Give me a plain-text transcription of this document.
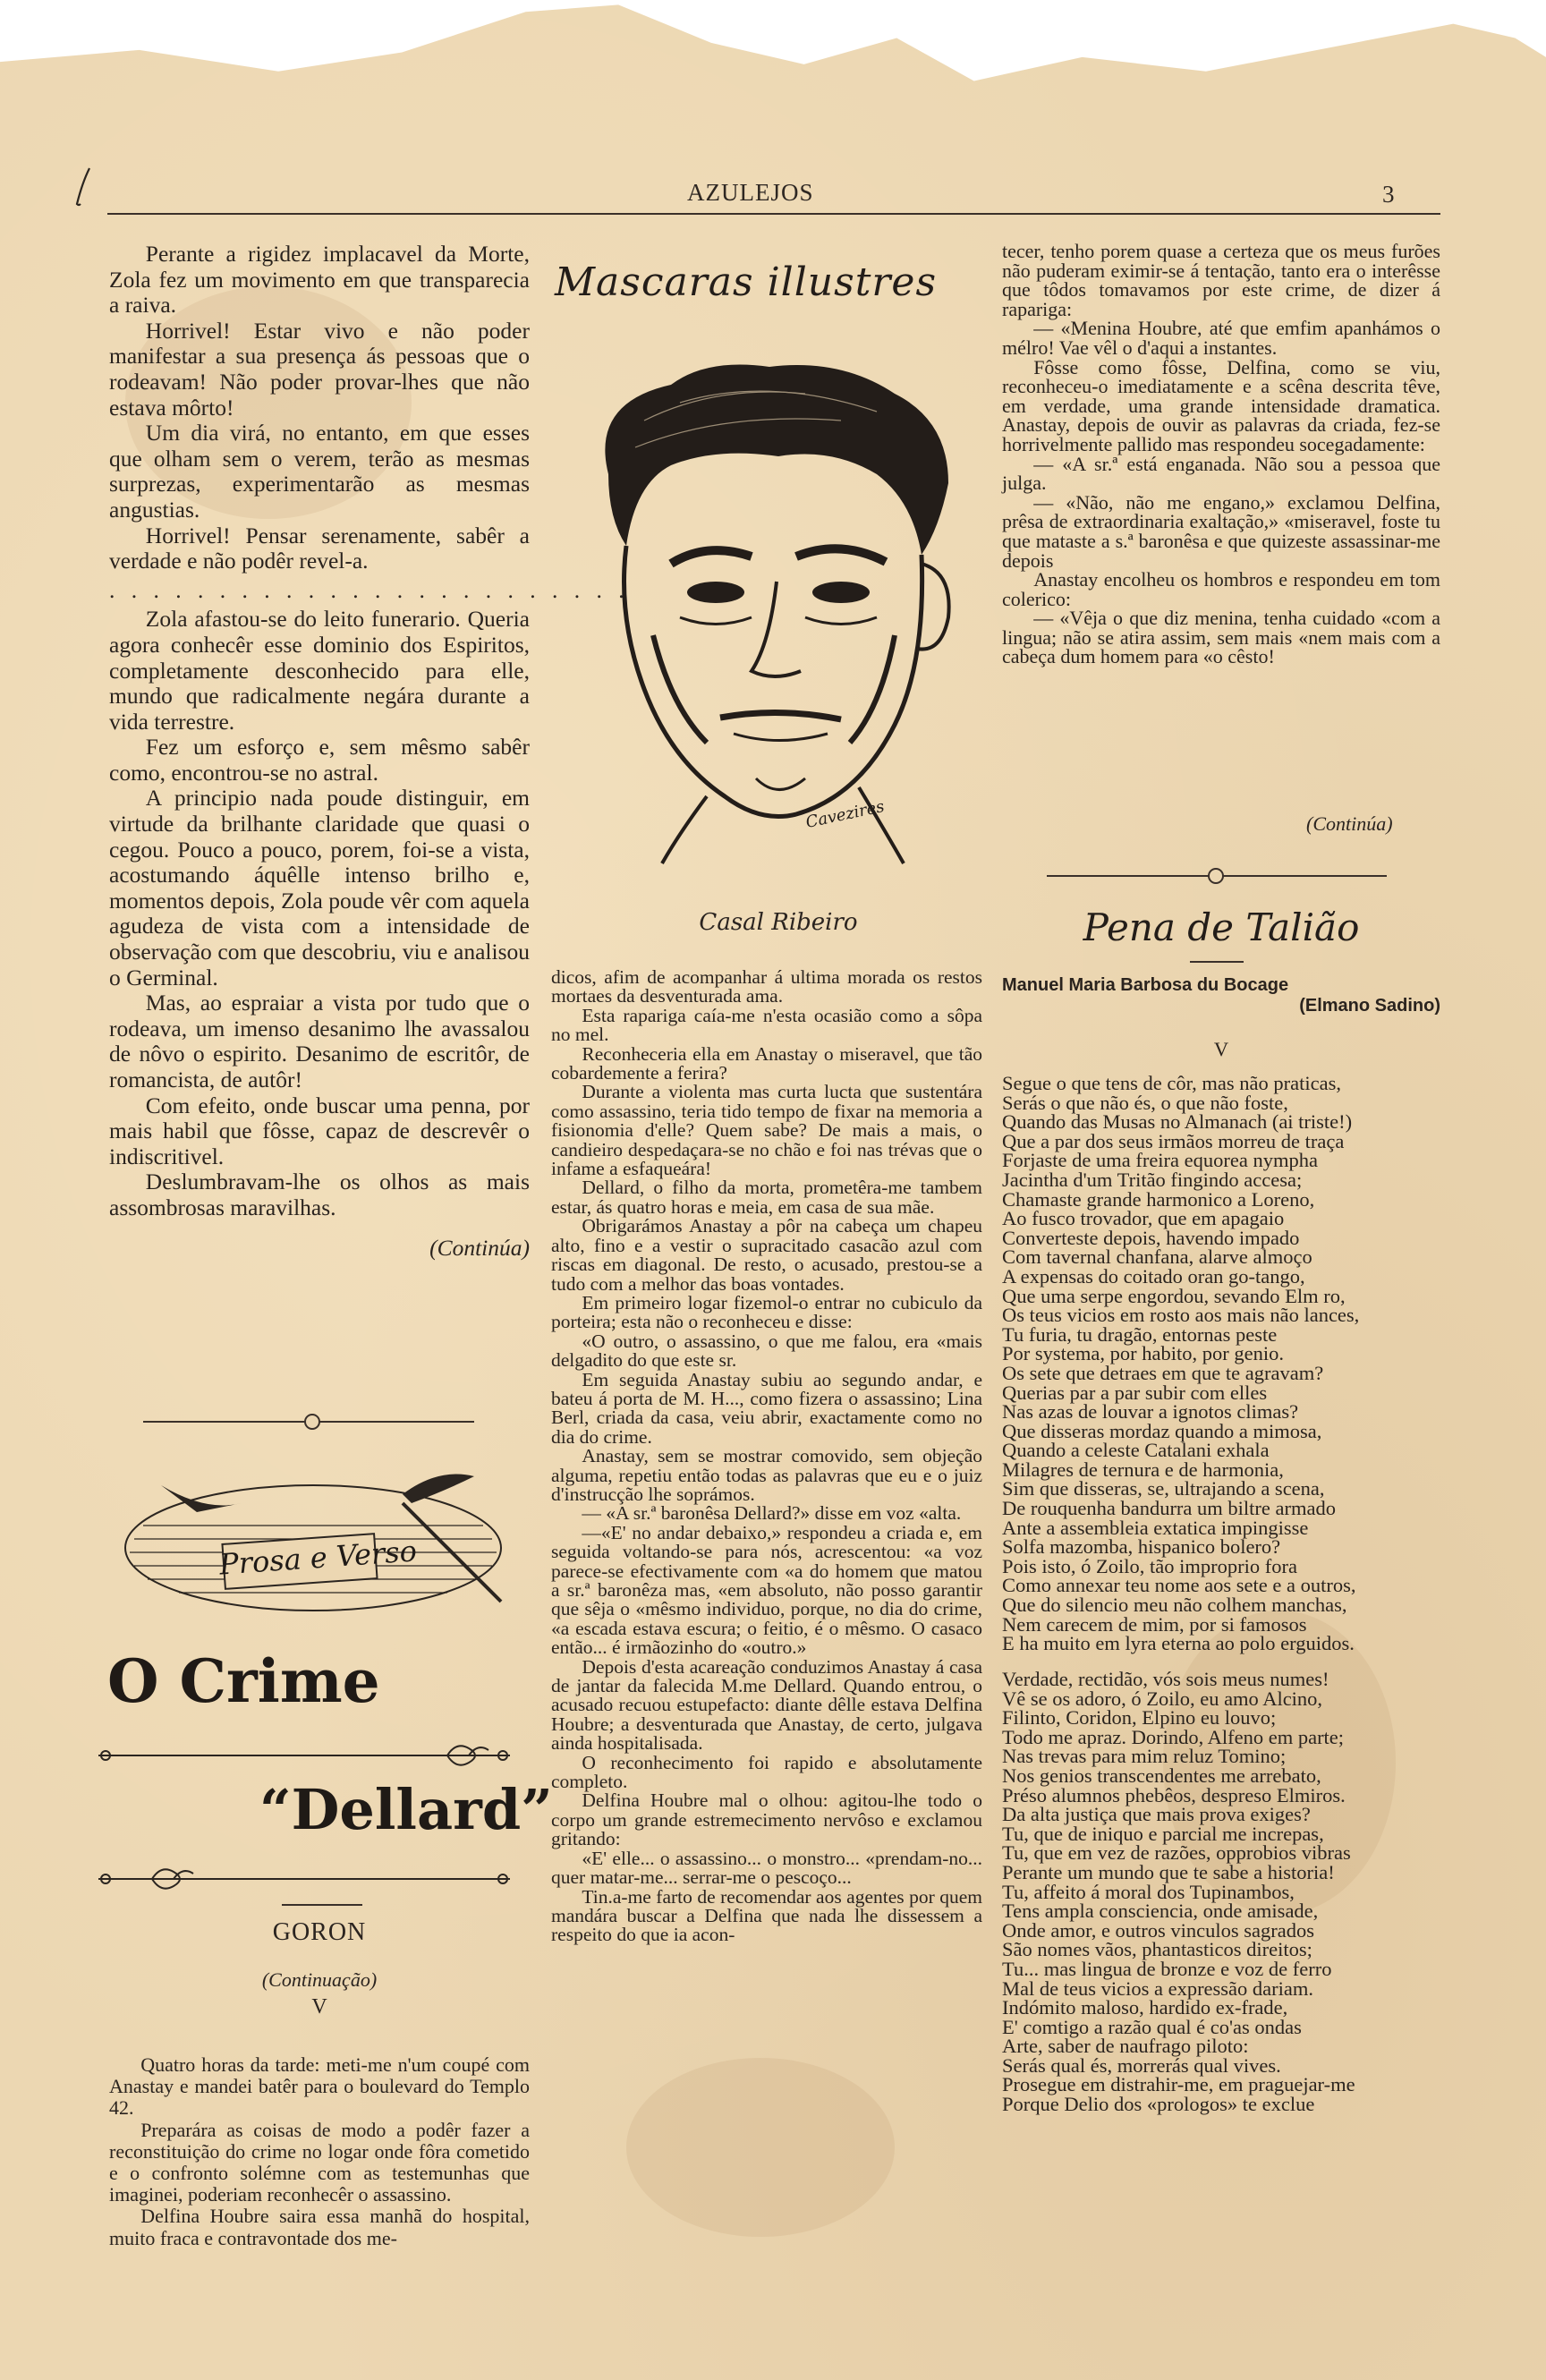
AZULEJOS	3

Perante a rigidez implacavel da Morte, Zola fez um movimento em que transparecia a raiva.

Horrivel! Estar vivo e não poder manifestar a sua presença ás pessoas que o rodeavam! Não poder provar-lhes que não estava môrto!

Um dia virá, no entanto, em que esses que olham sem o verem, terão as mesmas surprezas, experimentarão as mesmas angustias.

Horrivel! Pensar serenamente, sabêr a verdade e não podêr revel-a.

. . . . . . . . . . . . . . . . . . . . . . . .

Zola afastou-se do leito funerario. Queria agora conhecêr esse dominio dos Espiritos, completamente desconhecido para elle, mundo que radicalmente negára durante a vida terrestre.

Fez um esforço e, sem mêsmo sabêr como, encontrou-se no astral.

A principio nada poude distinguir, em virtude da brilhante claridade que quasi o cegou. Pouco a pouco, porem, foi-se a vista, acostumando áquêlle intenso brilho e, momentos depois, Zola poude vêr com aquela agudeza de vista com a intensidade de observação com que descobriu, viu e analisou o Germinal.

Mas, ao espraiar a vista por tudo que o rodeava, um imenso desanimo lhe avassalou de nôvo o espirito. Desanimo de escritôr, de romancista, de autôr!

Com efeito, onde buscar uma penna, por mais habil que fôsse, capaz de descrevêr o indiscritivel.

Deslumbravam-lhe os olhos as mais assombrosas maravilhas.

(Continúa)
Prosa e Verso
O Crime
“Dellard”
GORON
(Continuação)
V

Quatro horas da tarde: meti-me n'um coupé com Anastay e mandei batêr para o boulevard do Templo 42.

Preparára as coisas de modo a podêr fazer a reconstituição do crime no logar onde fôra cometido e o confronto solémne com as testemunhas que imaginei, poderiam reconhecêr o assassino.

Delfina Houbre saira essa manhã do hospital, muito fraca e contravontade dos me-

Mascaras illustres
Cavezires
Casal Ribeiro

dicos, afim de acompanhar á ultima morada os restos mortaes da desventurada ama.

Esta rapariga caía-me n'esta ocasião como a sôpa no mel.

Reconheceria ella em Anastay o miseravel, que tão cobardemente a ferira?

Durante a violenta mas curta lucta que sustentára como assassino, teria tido tempo de fixar na memoria a fisionomia d'elle? Quem sabe? De mais a mais, o candieiro despedaçara-se no chão e foi nas trévas que o infame a esfaqueára!

Dellard, o filho da morta, prometêra-me tambem estar, ás quatro horas e meia, em casa de sua mãe.

Obrigarámos Anastay a pôr na cabeça um chapeu alto, fino e a vestir o supracitado casacão azul com riscas em diagonal. De resto, o acusado, prestou-se a tudo com a melhor das boas vontades.

Em primeiro logar fizemol-o entrar no cubiculo da porteira; esta não o reconheceu e disse:

«O outro, o assassino, o que me falou, era «mais delgadito do que este sr.

Em seguida Anastay subiu ao segundo andar, e bateu á porta de M. H..., como fizera o assassino; Lina Berl, criada da casa, veiu abrir, exactamente como no dia do crime.

Anastay, sem se mostrar comovido, sem objeção alguma, repetiu então todas as palavras que eu e o juiz d'instrucção lhe soprámos.

— «A sr.ª baronêsa Dellard?» disse em voz «alta.

—«E' no andar debaixo,» respondeu a criada e, em seguida voltando-se para nós, acrescentou: «a voz parece-se efectivamente com «a do homem que matou a sr.ª baronêza mas, «em absoluto, não posso garantir que sêja o «mêsmo individuo, porque, no dia do crime, «a escada estava escura; o feitio, é o mêsmo. O casaco então... é irmãozinho do «outro.»

Depois d'esta acareação conduzimos Anastay á casa de jantar da falecida M.me Dellard. Quando entrou, o acusado recuou estupefacto: diante dêlle estava Delfina Houbre; a desventurada que Anastay, de certo, julgava ainda hospitalisada.

O reconhecimento foi rapido e absolutamente completo.

Delfina Houbre mal o olhou: agitou-lhe todo o corpo um grande estremecimento nervôso e exclamou gritando:

«E' elle... o assassino... o monstro... «prendam-no... quer matar-me... serrar-me o pescoço...

Tin.a-me farto de recomendar aos agentes por quem mandára buscar a Delfina que nada lhe dissessem a respeito do que ia acon-

tecer, tenho porem quase a certeza que os meus furões não puderam eximir-se á tentação, tanto era o interêsse que tôdos tomavamos por este crime, de dizer á raparigа:

— «Menina Houbre, até que emfim apanhámos o mélro! Vae vêl o d'aqui a instantes.

Fôsse como fôsse, Delfina, como se viu, reconheceu-o imediatamente e a scêna descrita têve, em verdade, uma grande intensidade dramatica. Anastay, depois de ouvir as palavras da criada, fez-se horrivelmente pallido mas respondeu socegadamente:

— «A sr.ª está enganada. Não sou a pessoa que julga.

— «Não, não me engano,» exclamou Delfina, prêsa de extraordinaria exaltação,» «miseravel, foste tu que mataste a s.ª baronêsa e que quizeste assassinar-me depois

Anastay encolheu os hombros e respondeu em tom colerico:

— «Vêja o que diz menina, tenha cuidado «com a lingua; não se atira assim, sem mais «nem mais com a cabeça dum homem para «o cêsto!

(Continúa)
Pena de Talião
Manuel Maria Barbosa du Bocage
(Elmano Sadino)
V
Segue o que tens de côr, mas não praticas,
Serás o que não és, o que não foste,
Quando das Musas no Almanach (ai triste!)
Que a par dos seus irmãos morreu de traça
Forjaste de uma freira equorea nympha
Jacintha d'um Tritão fingindo accesa;
Chamaste grande harmonico a Loreno,
Ao fusco trovador, que em apagaio
Converteste depois, havendo impado
Com tavernal chanfana, alarve almoço
A expensas do coitado oran go-tango,
Que uma serpe engordou, sevando Elm ro,
Os teus vicios em rosto aos mais não lances,
Tu furia, tu dragão, entornas peste
Por systema, por habito, por genio.
Os sete que detraes em que te agravam?
Querias par a par subir com elles
Nas azas de louvar a ignotos climas?
Que disseras mordaz quando a mimosa,
Quando a celeste Catalani exhala
Milagres de ternura e de harmonia,
Sim que disseras, se, ultrajando a scena,
De rouquenha bandurra um biltre armado
Ante a assembleia extatica impingisse
Solfa mazomba, hispanico bolero?
Pois isto, ó Zoilo, tão improprio fora
Como annexar teu nome aos sete e a outros,
Que do silencio meu não colhem manchas,
Nem carecem de mim, por si famosos
E ha muito em lyra eterna ao polo erguidos.
Verdade, rectidão, vós sois meus numes!
Vê se os adoro, ó Zoilo, eu amo Alcino,
Filinto, Coridon, Elpino eu louvo;
Todo me apraz. Dorindo, Alfeno em parte;
Nas trevas para mim reluz Tomino;
Nos genios transcendentes me arrebato,
Préso alumnos phebêos, despreso Elmiros.
Da alta justiça que mais prova exiges?
Tu, que de iniquo e parcial me increpas,
Tu, que em vez de razões, opprobios vibras
Perante um mundo que te sabe a historia!
Tu, affeito á moral dos Tupinambos,
Tens ampla consciencia, onde amisade,
Onde amor, e outros vinculos sagrados
São nomes vãos, phantasticos direitos;
Tu... mas lingua de bronze e voz de ferro
Mal de teus vicios a expressão dariam.
Indómito maloso, hardido ex-frade,
E' comtigo a razão qual é co'as ondas
Arte, saber de naufrago piloto:
Serás qual és, morrerás qual vives.
Prosegue em distrahir-me, em praguejar-me
Porque Delio dos «prologos» te exclue
